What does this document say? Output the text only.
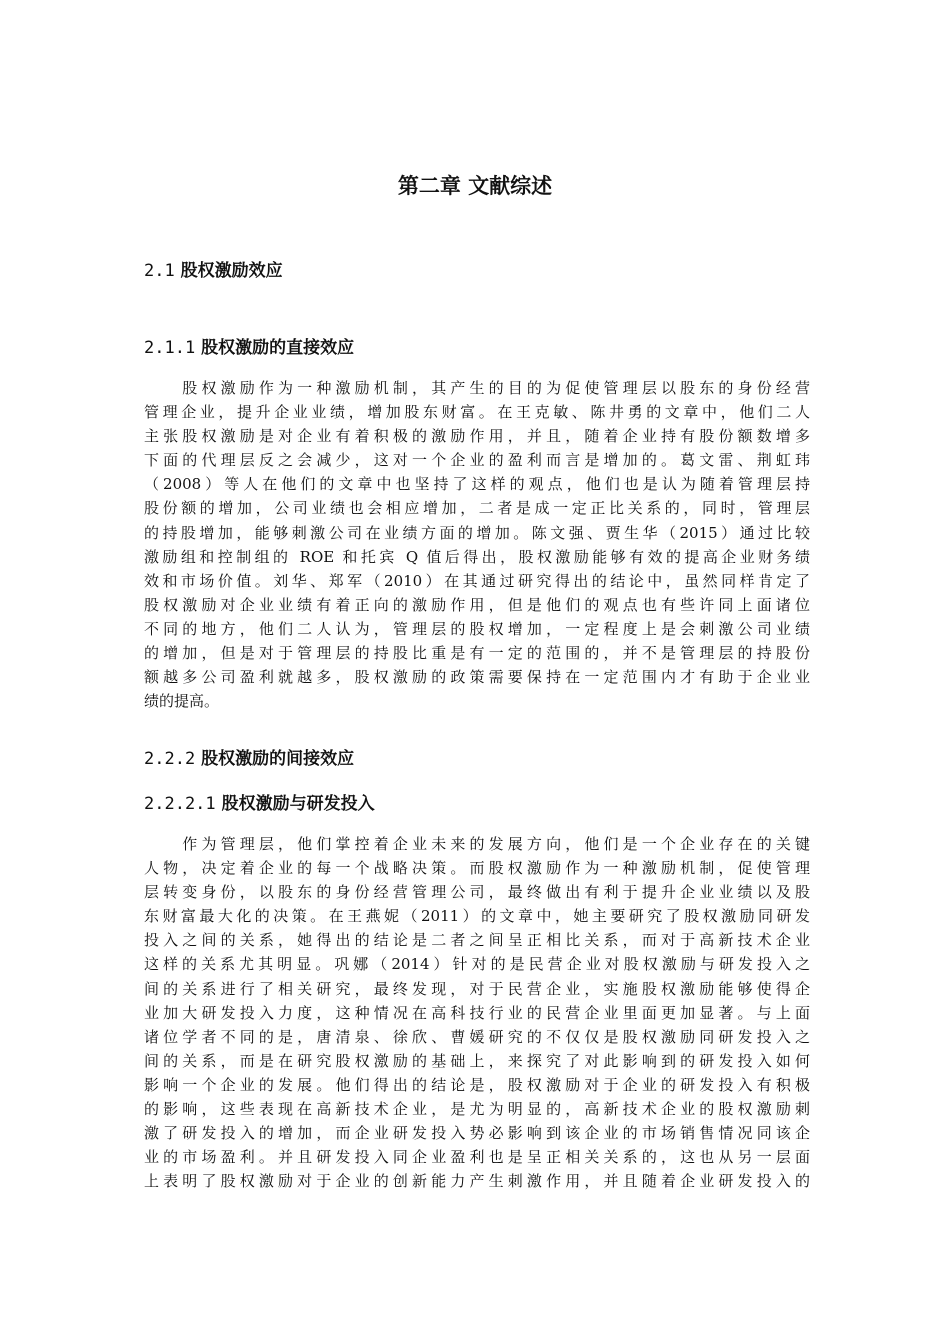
第二章 文献综述
2.1 股权激励效应
2.1.1 股权激励的直接效应
　　股权激励作为一种激励机制，其产生的目的为促使管理层以股东的身份经营
管理企业，提升企业业绩，增加股东财富。在王克敏、陈井勇的文章中，他们二人
主张股权激励是对企业有着积极的激励作用，并且，随着企业持有股份额数增多
下面的代理层反之会减少，这对一个企业的盈利而言是增加的。葛文雷、荆虹玮
（2008）等人在他们的文章中也坚持了这样的观点，他们也是认为随着管理层持
股份额的增加，公司业绩也会相应增加，二者是成一定正比关系的，同时，管理层
的持股增加，能够刺激公司在业绩方面的增加。陈文强、贾生华（2015）通过比较
激励组和控制组的 ROE 和托宾 Q 值后得出，股权激励能够有效的提高企业财务绩
效和市场价值。刘华、郑军（2010）在其通过研究得出的结论中，虽然同样肯定了
股权激励对企业业绩有着正向的激励作用，但是他们的观点也有些许同上面诸位
不同的地方，他们二人认为，管理层的股权增加，一定程度上是会刺激公司业绩
的增加，但是对于管理层的持股比重是有一定的范围的，并不是管理层的持股份
额越多公司盈利就越多，股权激励的政策需要保持在一定范围内才有助于企业业
绩的提高。
2.2.2 股权激励的间接效应
2.2.2.1 股权激励与研发投入
　　作为管理层，他们掌控着企业未来的发展方向，他们是一个企业存在的关键
人物，决定着企业的每一个战略决策。而股权激励作为一种激励机制，促使管理
层转变身份，以股东的身份经营管理公司，最终做出有利于提升企业业绩以及股
东财富最大化的决策。在王燕妮（2011）的文章中，她主要研究了股权激励同研发
投入之间的关系，她得出的结论是二者之间呈正相比关系，而对于高新技术企业
这样的关系尤其明显。巩娜（2014）针对的是民营企业对股权激励与研发投入之
间的关系进行了相关研究，最终发现，对于民营企业，实施股权激励能够使得企
业加大研发投入力度，这种情况在高科技行业的民营企业里面更加显著。与上面
诸位学者不同的是，唐清泉、徐欣、曹媛研究的不仅仅是股权激励同研发投入之
间的关系，而是在研究股权激励的基础上，来探究了对此影响到的研发投入如何
影响一个企业的发展。他们得出的结论是，股权激励对于企业的研发投入有积极
的影响，这些表现在高新技术企业，是尤为明显的，高新技术企业的股权激励刺
激了研发投入的增加，而企业研发投入势必影响到该企业的市场销售情况同该企
业的市场盈利。并且研发投入同企业盈利也是呈正相关关系的，这也从另一层面
上表明了股权激励对于企业的创新能力产生刺激作用，并且随着企业研发投入的
